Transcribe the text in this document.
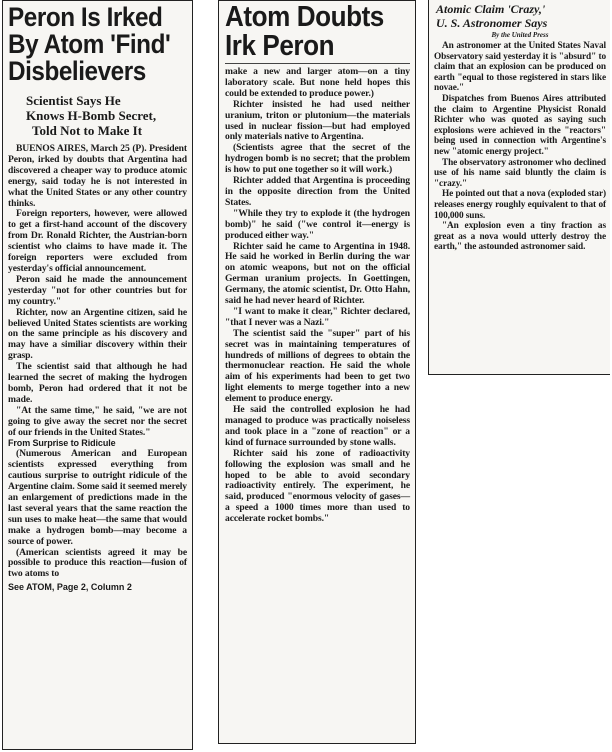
Peron Is Irked
By Atom 'Find'
Disbelievers
Scientist Says He
Knows H-Bomb Secret,
Told Not to Make It

BUENOS AIRES, March 25 (P). President Peron, irked by doubts that Argentina had discovered a cheaper way to produce atomic energy, said today he is not interested in what the United States or any other country thinks.

Foreign reporters, however, were allowed to get a first-hand account of the discovery from Dr. Ronald Richter, the Austrian-born scientist who claims to have made it. The foreign reporters were excluded from yesterday's official announcement.

Peron said he made the announcement yesterday "not for other countries but for my country."

Richter, now an Argentine citizen, said he believed United States scientists are working on the same principle as his discovery and may have a similiar discovery within their grasp.

The scientist said that although he had learned the secret of making the hydrogen bomb, Peron had ordered that it not be made.

"At the same time," he said, "we are not going to give away the secret nor the secret of our friends in the United States."

From Surprise to Ridicule

(Numerous American and European scientists expressed everything from cautious surprise to outright ridicule of the Argentine claim. Some said it seemed merely an enlargement of predictions made in the last several years that the same reaction the sun uses to make heat—the same that would make a hydrogen bomb—may become a source of power.

(American scientists agreed it may be possible to produce this reaction—fusion of two atoms to

See ATOM, Page 2, Column 2
Atom Doubts
Irk Peron

make a new and larger atom—on a tiny laboratory scale. But none held hopes this could be extended to produce power.)

Richter insisted he had used neither uranium, triton or plutonium—the materials used in nuclear fission—but had employed only materials native to Argentina.

(Scientists agree that the secret of the hydrogen bomb is no secret; that the problem is how to put one together so it will work.)

Richter added that Argentina is proceeding in the opposite direction from the United States.

"While they try to explode it (the hydrogen bomb)" he said ("we control it—energy is produced either way."

Richter said he came to Argentina in 1948. He said he worked in Berlin during the war on atomic weapons, but not on the official German uranium projects. In Goettingen, Germany, the atomic scientist, Dr. Otto Hahn, said he had never heard of Richter.

"I want to make it clear," Richter declared, "that I never was a Nazi."

The scientist said the "super" part of his secret was in maintaining temperatures of hundreds of millions of degrees to obtain the thermonuclear reaction. He said the whole aim of his experiments had been to get two light elements to merge together into a new element to produce energy.

He said the controlled explosion he had managed to produce was practically noiseless and took place in a "zone of reaction" or a kind of furnace surrounded by stone walls.

Richter said his zone of radioactivity following the explosion was small and he hoped to be able to avoid secondary radioactivity entirely. The experiment, he said, produced "enormous velocity of gases—a speed a 1000 times more than used to accelerate rocket bombs."

Atomic Claim 'Crazy,'
U. S. Astronomer Says
By the United Press

An astronomer at the United States Naval Observatory said yesterday it is "absurd" to claim that an explosion can be produced on earth "equal to those registered in stars like novae."

Dispatches from Buenos Aires attributed the claim to Argentine Physicist Ronald Richter who was quoted as saying such explosions were achieved in the "reactors" being used in connection with Argentine's new "atomic energy project."

The observatory astronomer who declined use of his name said bluntly the claim is "crazy."

He pointed out that a nova (exploded star) releases energy roughly equivalent to that of 100,000 suns.

"An explosion even a tiny fraction as great as a nova would utterly destroy the earth," the astounded astronomer said.
